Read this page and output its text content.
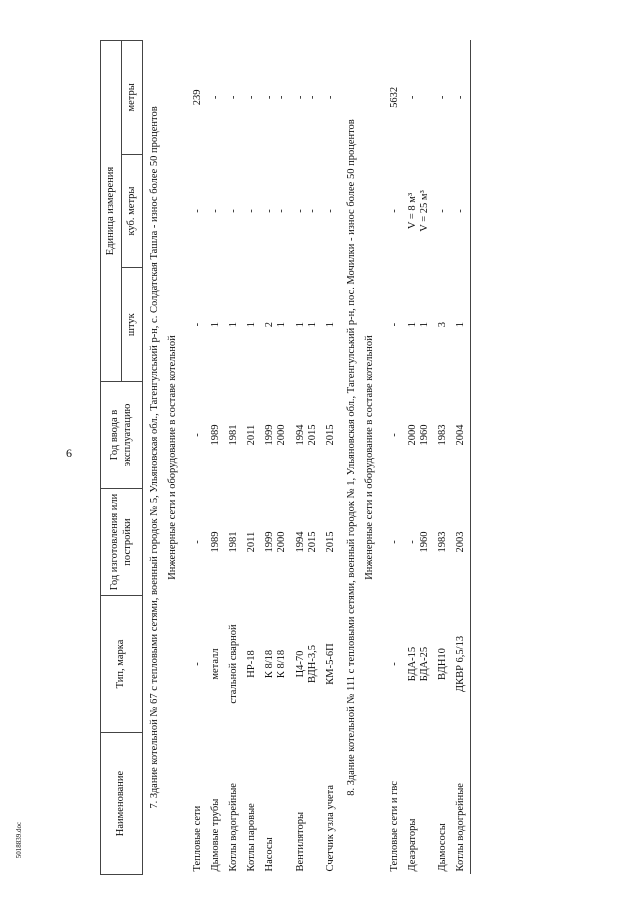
6
5018839.doc
Наименование	Тип, марка	Год изготовления или постройки	Год ввода в эксплуатацию	Единица измерения		
				штук	куб. метры	метры
7. Здание котельной № 67 с тепловыми сетями, военный городок № 5, Ульяновская обл., Тагенгулський р-н, с. Солдатская Ташла - износ более 50 процентов						
Инженерные сети и оборудование в составе котельной						
Тепловые сети	-	-	-	-	-	239

Дымовые трубы	металл	1989	1989	1	-	-

Котлы водогрейные	стальной сварной	1981	1981	1	-	-

Котлы паровые	НР-18	2011	2011	1	-	-

Насосы	К 8/18 К 8/18	1999 2000	1999 2000	2 1	- -	- -

Вентиляторы	Ц4-70 ВДН-3,5	1994 2015	1994 2015	1 1	- -	- -

Счетчик узла учета	КМ-5-6П	2015	2015	1	-	-

8. Здание котельной № 111 с тепловыми сетями, военный городок № 1, Ульяновская обл., Тагенгулський р-н, пос. Мочилки - износ более 50 процентов						
Инженерные сети и оборудование в составе котельной						
Тепловые сети и гвс	-	-	-	-	-	5632

Деаэраторы	БДА-15 БДА-25	- 1960	2000 1960	1 1	V = 8 м³ V = 25 м³	-

Дымососы	ВДН10	1983	1983	3	-	-

Котлы водогрейные	ДКВР 6,5/13	2003	2004	1	-	-
